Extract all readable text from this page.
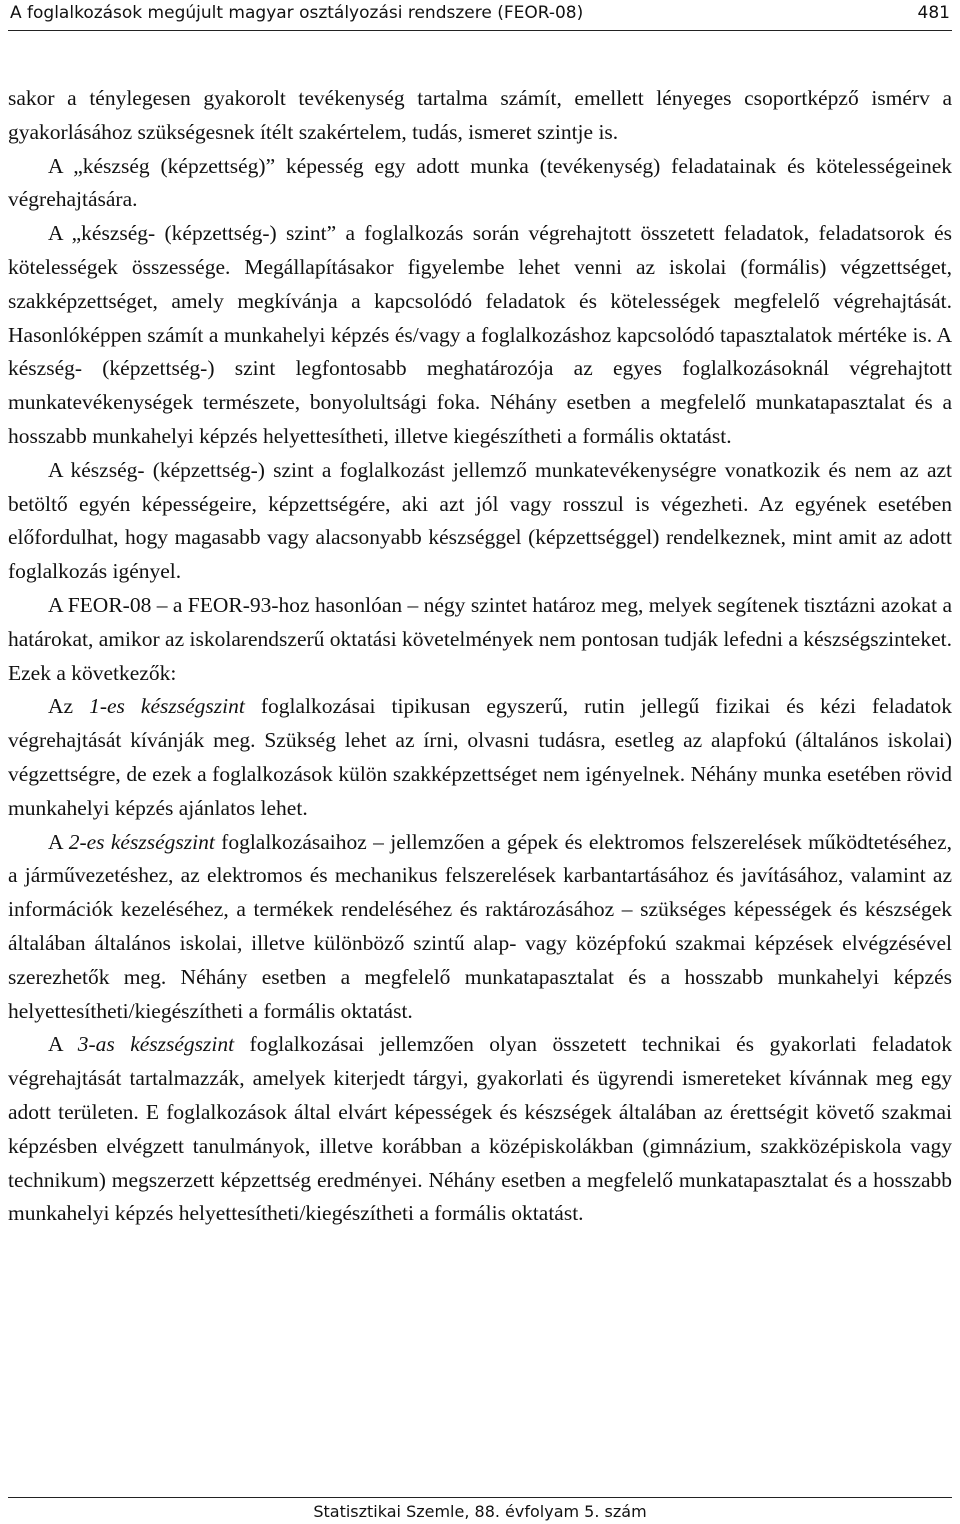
A foglalkozások megújult magyar osztályozási rendszere (FEOR-08)	481

sakor a ténylegesen gyakorolt tevékenység tartalma számít, emellett lényeges csoportképző ismérv a gyakorlásához szükségesnek ítélt szakértelem, tudás, ismeret szintje is.

A „készség (képzettség)” képesség egy adott munka (tevékenység) feladatainak és kötelességeinek végrehajtására.

A „készség- (képzettség-) szint” a foglalkozás során végrehajtott összetett feladatok, feladatsorok és kötelességek összessége. Megállapításakor figyelembe lehet venni az iskolai (formális) végzettséget, szakképzettséget, amely megkívánja a kapcsolódó feladatok és kötelességek megfelelő végrehajtását. Hasonlóképpen számít a munkahelyi képzés és/vagy a foglalkozáshoz kapcsolódó tapasztalatok mértéke is. A készség- (képzettség-) szint legfontosabb meghatározója az egyes foglalkozásoknál végrehajtott munkatevékenységek természete, bonyolultsági foka. Néhány esetben a megfelelő munkatapasztalat és a hosszabb munkahelyi képzés helyettesítheti, illetve kiegészítheti a formális oktatást.

A készség- (képzettség-) szint a foglalkozást jellemző munkatevékenységre vonatkozik és nem az azt betöltő egyén képességeire, képzettségére, aki azt jól vagy rosszul is végezheti. Az egyének esetében előfordulhat, hogy magasabb vagy alacsonyabb készséggel (képzettséggel) rendelkeznek, mint amit az adott foglalkozás igényel.

A FEOR-08 – a FEOR-93-hoz hasonlóan – négy szintet határoz meg, melyek segítenek tisztázni azokat a határokat, amikor az iskolarendszerű oktatási követelmények nem pontosan tudják lefedni a készségszinteket. Ezek a következők:

Az 1-es készségszint foglalkozásai tipikusan egyszerű, rutin jellegű fizikai és kézi feladatok végrehajtását kívánják meg. Szükség lehet az írni, olvasni tudásra, esetleg az alapfokú (általános iskolai) végzettségre, de ezek a foglalkozások külön szakképzettséget nem igényelnek. Néhány munka esetében rövid munkahelyi képzés ajánlatos lehet.

A 2-es készségszint foglalkozásaihoz – jellemzően a gépek és elektromos felszerelések működtetéséhez, a járművezetéshez, az elektromos és mechanikus felszerelések karbantartásához és javításához, valamint az információk kezeléséhez, a termékek rendeléséhez és raktározásához – szükséges képességek és készségek általában általános iskolai, illetve különböző szintű alap- vagy középfokú szakmai képzések elvégzésével szerezhetők meg. Néhány esetben a megfelelő munkatapasztalat és a hosszabb munkahelyi képzés helyettesítheti/kiegészítheti a formális oktatást.

A 3-as készségszint foglalkozásai jellemzően olyan összetett technikai és gyakorlati feladatok végrehajtását tartalmazzák, amelyek kiterjedt tárgyi, gyakorlati és ügyrendi ismereteket kívánnak meg egy adott területen. E foglalkozások által elvárt képességek és készségek általában az érettségit követő szakmai képzésben elvégzett tanulmányok, illetve korábban a középiskolákban (gimnázium, szakközépiskola vagy technikum) megszerzett képzettség eredményei. Néhány esetben a megfelelő munkatapasztalat és a hosszabb munkahelyi képzés helyettesítheti/kiegészítheti a formális oktatást.

Statisztikai Szemle, 88. évfolyam 5. szám
